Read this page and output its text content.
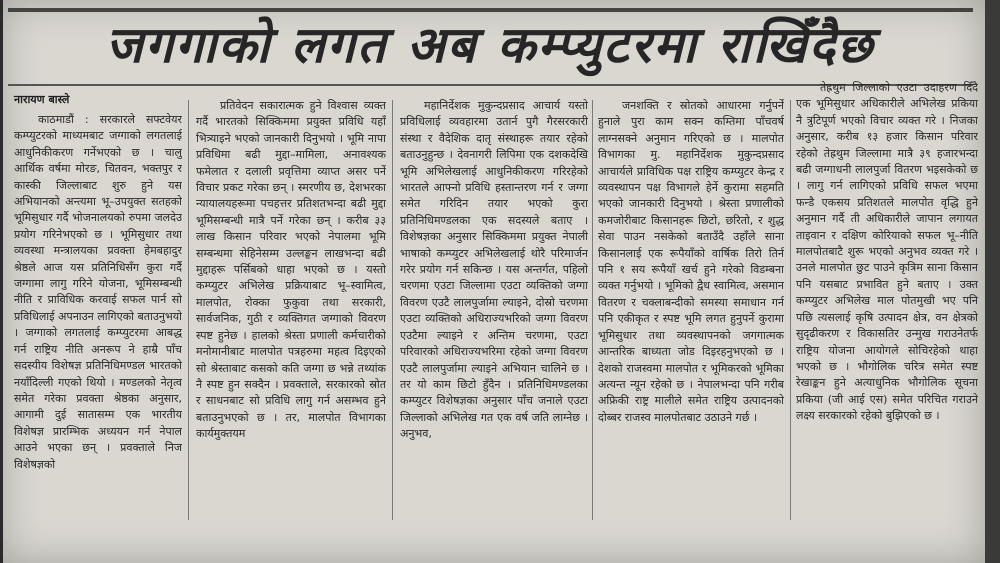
जगगाको लगत अब कम्प्युटरमा राखिँदैछ
नारायण बास्ले

काठमाडौं : सरकारले सफ्टवेयर कम्प्युटरको माध्यमबाट जग्गाको लगतलाई आधुनिकीकरण गर्नेभएको छ । चालु आर्थिक वर्षमा मोरङ, चितवन, भक्तपुर र कास्की जिल्लाबाट शुरु हुने यस अभियानको अन्त्यमा भू–उपयुक्त सतहको भूमिसुधार गर्दै भोजनालयको रुपमा जलदेउ प्रयोग गरिनेभएको छ । भूमिसुधार तथा व्यवस्था मन्त्रालयका प्रवक्ता हेमबहादुर श्रेष्ठले आज यस प्रतिनिधिसँग कुरा गर्दै जग्गामा लागु गरिने योजना, भूमिसम्बन्धी नीति र प्राविधिक करवाई सफल पार्न सो प्रविधिलाई अपनाउन लागिएको बताउनुभयो । जग्गाको लगतलाई कम्प्युटरमा आबद्ध गर्न राष्ट्रिय नीति अनरूप ने हाम्रै पाँच सदस्यीय विशेषज्ञ प्रतिनिधिमण्डल भारतको नयाँदिल्ली गएको थियो । मण्डलको नेतृत्व समेत गरेका प्रवक्ता श्रेष्ठका अनुसार, आगामी दुई सातासम्म एक भारतीय विशेषज्ञ प्रारम्भिक अध्ययन गर्न नेपाल आउने भएका छन् । प्रवक्ताले निज विशेषज्ञको

प्रतिवेदन सकारात्मक हुने विश्वास व्यक्त गर्दै भारतको सिक्किममा प्रयुक्त प्रविधि यहाँ भित्र्याइने भएको जानकारी दिनुभयो । भूमि नापा प्रविधिमा बढी मुद्दा–मामिला, अनावश्यक फमेलात र दलाली प्रवृत्तिमा व्याप्त असर पर्ने विचार प्रकट गरेका छन् । स्मरणीय छ, देशभरका न्यायालयहरूमा पचहत्तर प्रतिशतभन्दा बढी मुद्दा भूमिसम्बन्धी मात्रै पर्ने गरेका छन् । करीब ३३ लाख किसान परिवार भएको नेपालमा भूमि सम्बन्धमा सेहिनेसम्म उल्लङ्घन लाखभन्दा बढी मुद्दाहरू पर्सिबको धाहा भएको छ । यस्तो कम्प्युटर अभिलेख प्रक्रियाबाट भू–स्वामित्व, मालपोत, रोक्का फुकुवा तथा सरकारी, सार्वजनिक, गुठी र व्यक्तिगत जग्गाको विवरण स्पष्ट हुनेछ । हालको श्रेस्ता प्रणाली कर्मचारीको मनोमानीबाट मालपोत पत्रहरुमा महत्व दिइएको सो श्रेस्ताबाट कसको कति जग्गा छ भन्ने तथ्यांक नै स्पष्ट हुन सक्दैन । प्रवक्ताले, सरकारको स्रोत र साधनबाट सो प्रविधि लागु गर्न असम्भव हुने बताउनुभएको छ । तर, मालपोत विभागका कार्यमुक्तयम

महानिर्देशक मुकुन्दप्रसाद आचार्य यस्तो प्रविधिलाई व्यवहारमा उतार्न पुगै गैरसरकारी संस्था र वैदेशिक दातृ संस्थाहरू तयार रहेको बताउनुहुन्छ । देवनागरी लिपिमा एक दशकदेखि भूमि अभिलेखलाई आधुनिकीकरण गरिरहेको भारतले आफ्नो प्रविधि हस्तान्तरण गर्न र जग्गा समेत गरिदिन तयार भएको कुरा प्रतिनिधिमण्डलका एक सदस्यले बताए । विशेषज्ञका अनुसार सिक्किममा प्रयुक्त नेपाली भाषाको कम्प्युटर अभिलेखलाई थोरै परिमार्जन गरेर प्रयोग गर्न सकिन्छ । यस अन्तर्गत, पहिलो चरणमा एउटा जिल्लामा एउटा व्यक्तिको जग्गा विवरण एउटै लालपुर्जामा ल्याइने, दोस्रो चरणमा एउटा व्यक्तिको अधिराज्यभरिको जग्गा विवरण एउटैमा ल्याइने र अन्तिम चरणमा, एउटा परिवारको अधिराज्यभरिमा रहेको जग्गा विवरण एउटै लालपुर्जामा ल्याइने अभियान चालिने छ । तर यो काम छिटो हुँदैन । प्रतिनिधिमण्डलका कम्प्युटर विशेषज्ञका अनुसार पाँच जनाले एउटा जिल्लाको अभिलेख गत एक वर्ष जति लाग्नेछ । अनुभव,

जनशक्ति र स्रोतको आधारमा गर्नुपर्ने हुनाले पुरा काम सक्न कम्तिमा पाँचवर्ष लाग्नसक्ने अनुमान गरिएको छ । मालपोत विभागका मु. महानिर्देशक मुकुन्दप्रसाद आचार्यले प्राविधिक पक्ष राष्ट्रिय कम्प्युटर केन्द्र र व्यवस्थापन पक्ष विभागले हेर्ने कुरामा सहमति भएको जानकारी दिनुभयो । श्रेस्ता प्रणालीको कमजोरीबाट किसानहरू छिटो, छरितो, र शुद्ध सेवा पाउन नसकेको बताउँदै उहाँले साना किसानलाई एक रूपैयाँको वार्षिक तिरो तिर्न पनि १ सय रूपैयाँ खर्च हुने गरेको विडम्बना व्यक्त गर्नुभयो । भूमिको द्वैध स्वामित्व, असमान वितरण र चक्लाबन्दीको समस्या समाधान गर्न पनि एकीकृत र स्पष्ट भूमि लगत हुनुपर्ने कुरामा भूमिसुधार तथा व्यवस्थापनको जगगात्मक आन्तरिक बाध्यता जोड दिइरहनुभएको छ । देशको राजस्वमा मालपोत र भूमिकरको भूमिका अत्यन्त न्यून रहेको छ । नेपालभन्दा पनि गरीब अफ्रिकी राष्ट्र मालीले समेत राष्ट्रिय उत्पादनको दोब्बर राजस्व मालपोतबाट उठाउने गर्छ ।

तेह्रथुम जिल्लाको एउटा उदाहरण दिँदै एक भूमिसुधार अधिकारीले अभिलेख प्रकिया नै त्रुटिपूर्ण भएको विचार व्यक्त गरे । निजका अनुसार, करीब १३ हजार किसान परिवार रहेको तेह्रथुम जिल्लामा मात्रै ३९ हजारभन्दा बढी जग्गाधनी लालपुर्जा वितरण भइसकेको छ । लागु गर्न लागिएको प्रविधि सफल भएमा फन्डै एकसय प्रतिशतले मालपोत वृद्धि हुने अनुमान गर्दै ती अधिकारीले जापान लगायत ताइवान र दक्षिण कोरियाको सफल भू–नीति मालपोतबाटै शुरू भएको अनुभव व्यक्त गरे । उनले मालपोत छुट पाउने कृत्रिम साना किसान पनि यसबाट प्रभावित हुने बताए । उक्त कम्प्युटर अभिलेख माल पोतमुखी भए पनि पछि त्यसलाई कृषि उत्पादन क्षेत्र, वन क्षेत्रको सुदृढीकरण र विकासतिर उन्मुख गराउनेतर्फ राष्ट्रिय योजना आयोगले सोचिरहेको थाहा भएको छ । भौगोलिक चरित्र समेत स्पष्ट रेखाङ्कन हुने अत्याधुनिक भौगोलिक सूचना प्रकिया (जी आई एस) समेत परिचित गराउने लक्ष्य सरकारको रहेको बुझिएको छ ।
